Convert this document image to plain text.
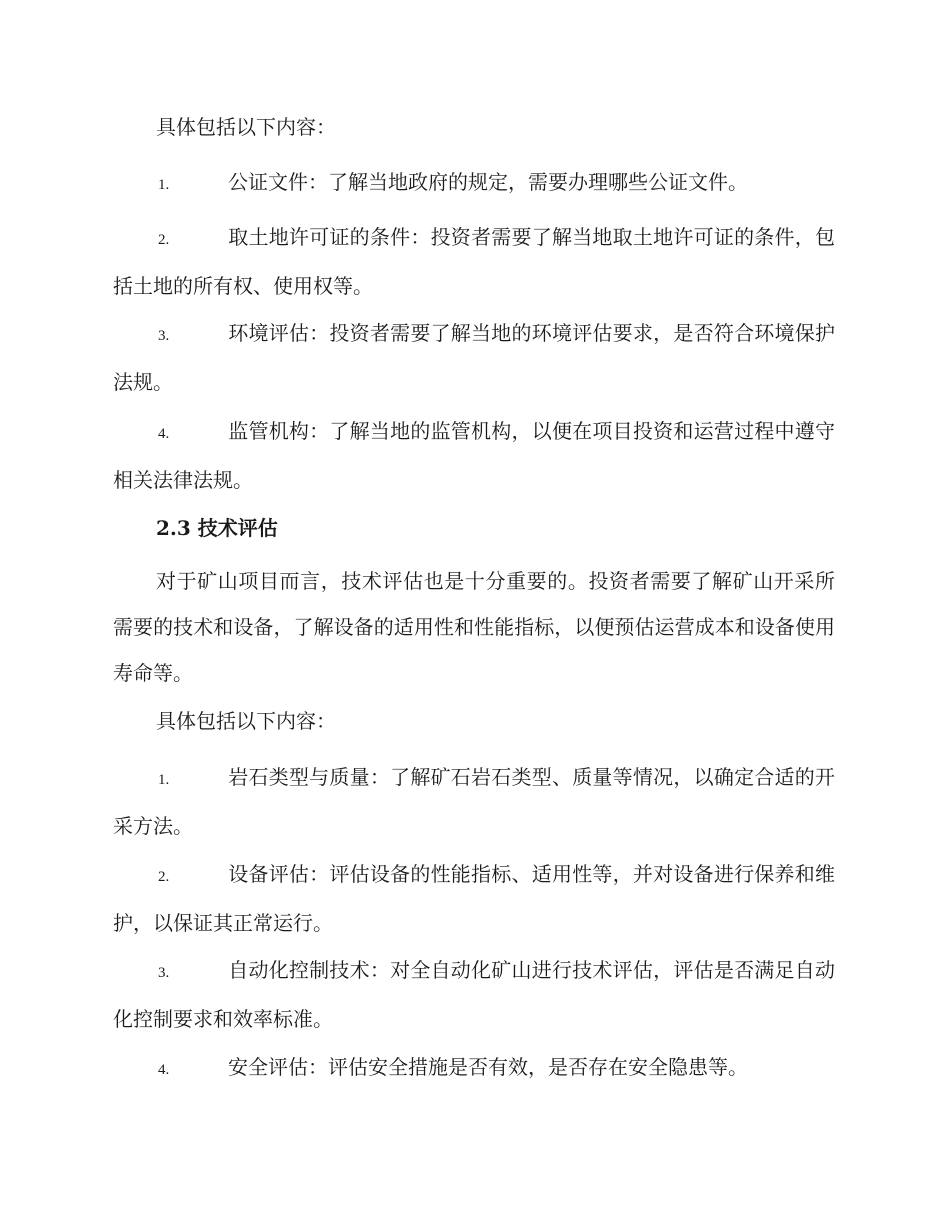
具体包括以下内容：
1.	公证文件：了解当地政府的规定，需要办理哪些公证文件。
2.	取土地许可证的条件：投资者需要了解当地取土地许可证的条件，包括土地的所有权、使用权等。
3.	环境评估：投资者需要了解当地的环境评估要求，是否符合环境保护法规。
4.	监管机构：了解当地的监管机构，以便在项目投资和运营过程中遵守相关法律法规。
2.3 技术评估
对于矿山项目而言，技术评估也是十分重要的。投资者需要了解矿山开采所需要的技术和设备，了解设备的适用性和性能指标，以便预估运营成本和设备使用寿命等。
具体包括以下内容：
1.	岩石类型与质量：了解矿石岩石类型、质量等情况，以确定合适的开采方法。
2.	设备评估：评估设备的性能指标、适用性等，并对设备进行保养和维护，以保证其正常运行。
3.	自动化控制技术：对全自动化矿山进行技术评估，评估是否满足自动化控制要求和效率标准。
4.	安全评估：评估安全措施是否有效，是否存在安全隐患等。
